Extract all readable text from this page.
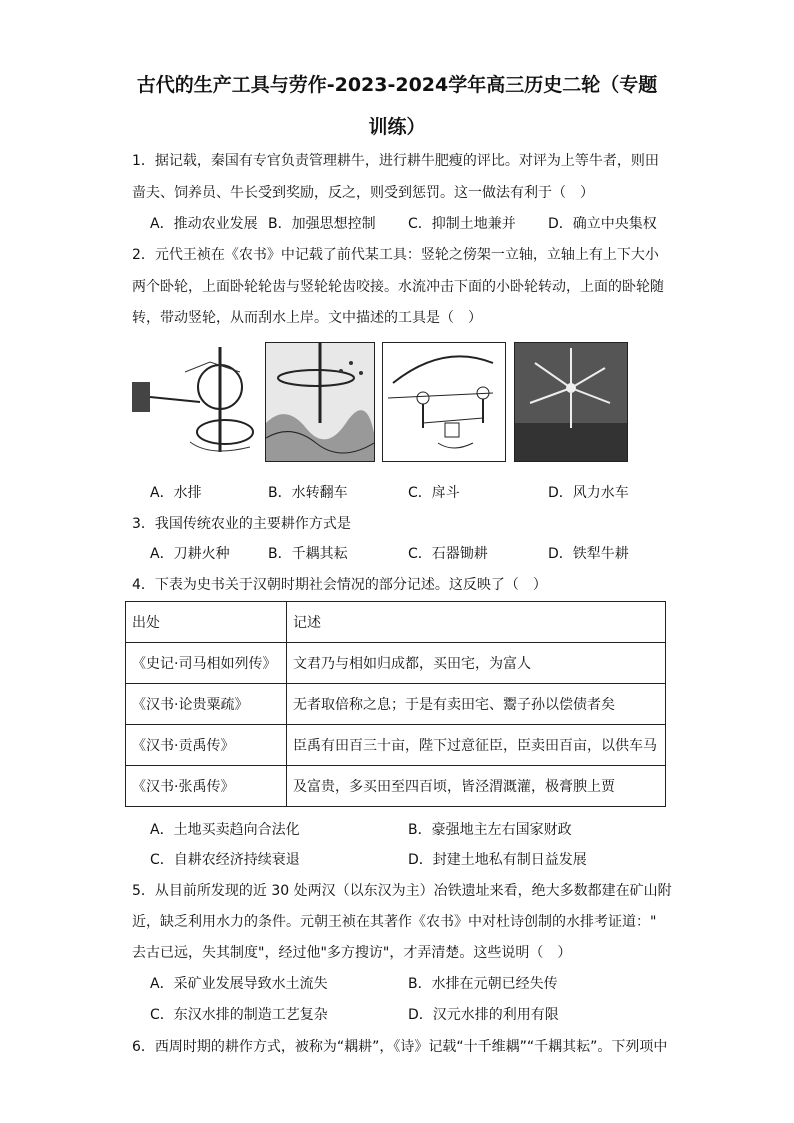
古代的生产工具与劳作-2023-2024学年高三历史二轮（专题
训练）
1．据记载，秦国有专官负责管理耕牛，进行耕牛肥瘦的评比。对评为上等牛者，则田
啬夫、饲养员、牛长受到奖励，反之，则受到惩罚。这一做法有利于（　）
A．推动农业发展 B．加强思想控制 C．抑制土地兼并 D．确立中央集权
2．元代王祯在《农书》中记载了前代某工具：竖轮之傍架一立轴，立轴上有上下大小
两个卧轮，上面卧轮轮齿与竖轮轮齿咬接。水流冲击下面的小卧轮转动，上面的卧轮随
转，带动竖轮，从而刮水上岸。文中描述的工具是（　）
A．水排	B．水转翻车	C．戽斗	D．风力水车
3．我国传统农业的主要耕作方式是
A．刀耕火种	B．千耦其耘	C．石器锄耕	D．铁犁牛耕
4．下表为史书关于汉朝时期社会情况的部分记述。这反映了（　）
出处	记述
《史记·司马相如列传》	文君乃与相如归成都，买田宅，为富人
《汉书·论贵粟疏》	无者取倍称之息；于是有卖田宅、鬻子孙以偿债者矣
《汉书·贡禹传》	臣禹有田百三十亩，陛下过意征臣，臣卖田百亩，以供车马
《汉书·张禹传》	及富贵，多买田至四百顷，皆泾渭溉灌，极膏腴上贾
A．土地买卖趋向合法化	B．豪强地主左右国家财政
C．自耕农经济持续衰退	D．封建土地私有制日益发展
5．从目前所发现的近 30 处两汉（以东汉为主）冶铁遗址来看，绝大多数都建在矿山附
近，缺乏利用水力的条件。元朝王祯在其著作《农书》中对杜诗创制的水排考证道："
去古已远，失其制度"，经过他"多方搜访"，才弄清楚。这些说明（　）
A．采矿业发展导致水土流失	B．水排在元朝已经失传
C．东汉水排的制造工艺复杂	D．汉元水排的利用有限
6．西周时期的耕作方式，被称为“耦耕”，《诗》记载“十千维耦”“千耦其耘”。下列项中
